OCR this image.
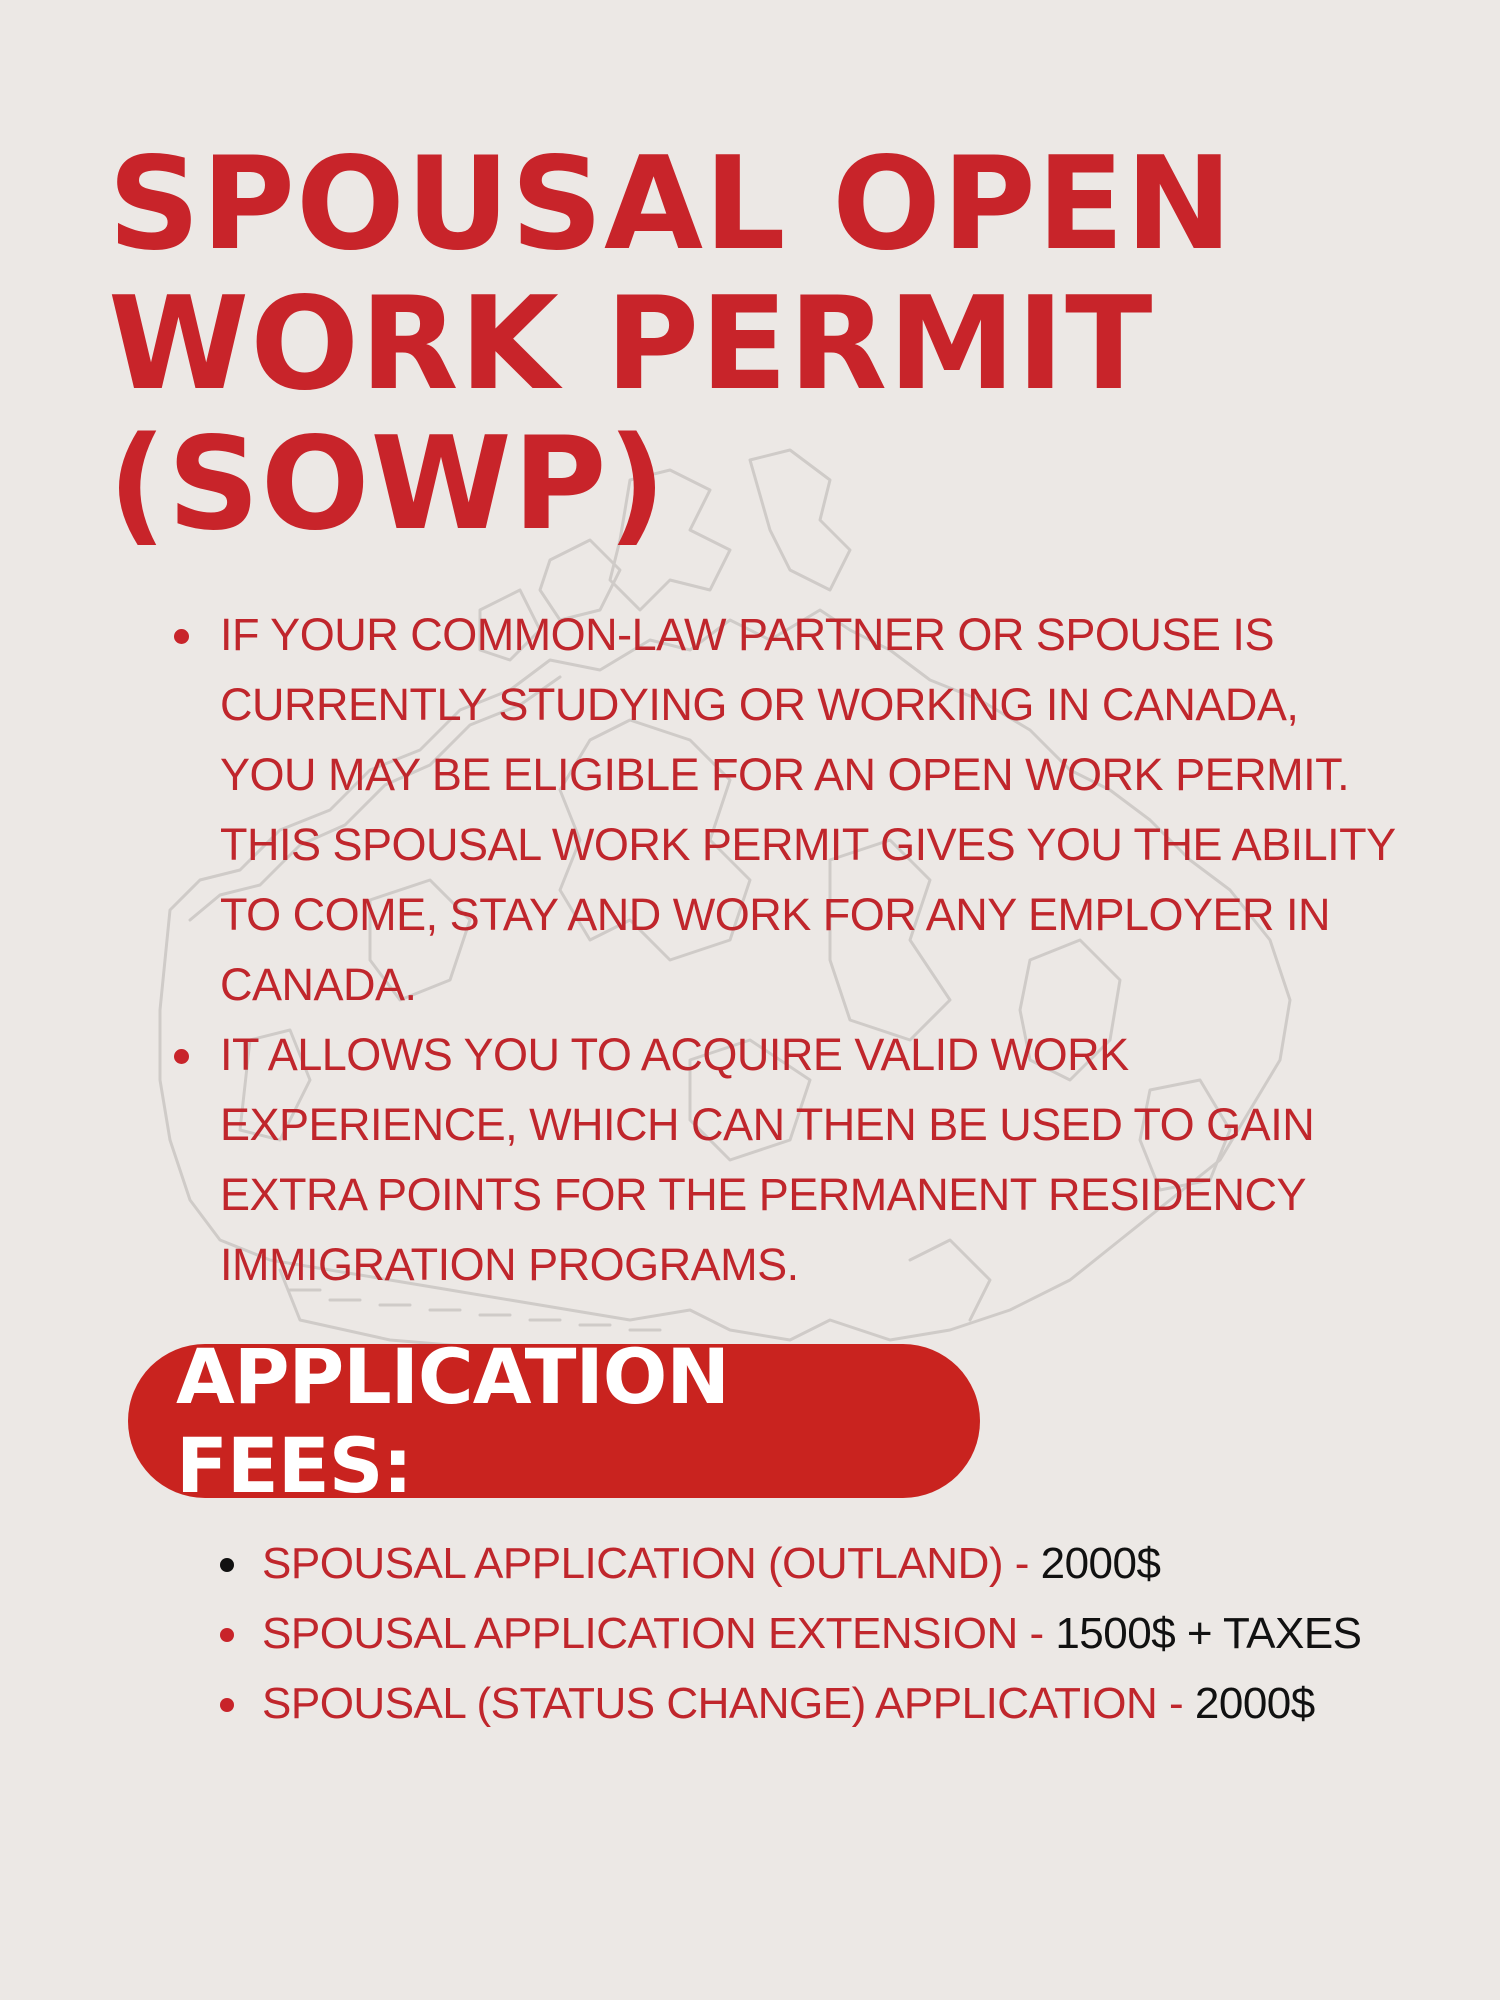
SPOUSAL OPEN
WORK PERMIT
(SOWP)
IF YOUR COMMON-LAW PARTNER OR SPOUSE IS CURRENTLY STUDYING OR WORKING IN CANADA, YOU MAY BE ELIGIBLE FOR AN OPEN WORK PERMIT. THIS SPOUSAL WORK PERMIT GIVES YOU THE ABILITY TO COME, STAY AND WORK FOR ANY EMPLOYER IN CANADA.
IT ALLOWS YOU TO ACQUIRE VALID WORK EXPERIENCE, WHICH CAN THEN BE USED TO GAIN EXTRA POINTS FOR THE PERMANENT RESIDENCY IMMIGRATION PROGRAMS.
APPLICATION FEES:
SPOUSAL APPLICATION (OUTLAND) - 2000$
SPOUSAL APPLICATION EXTENSION - 1500$ + TAXES
SPOUSAL (STATUS CHANGE) APPLICATION - 2000$
